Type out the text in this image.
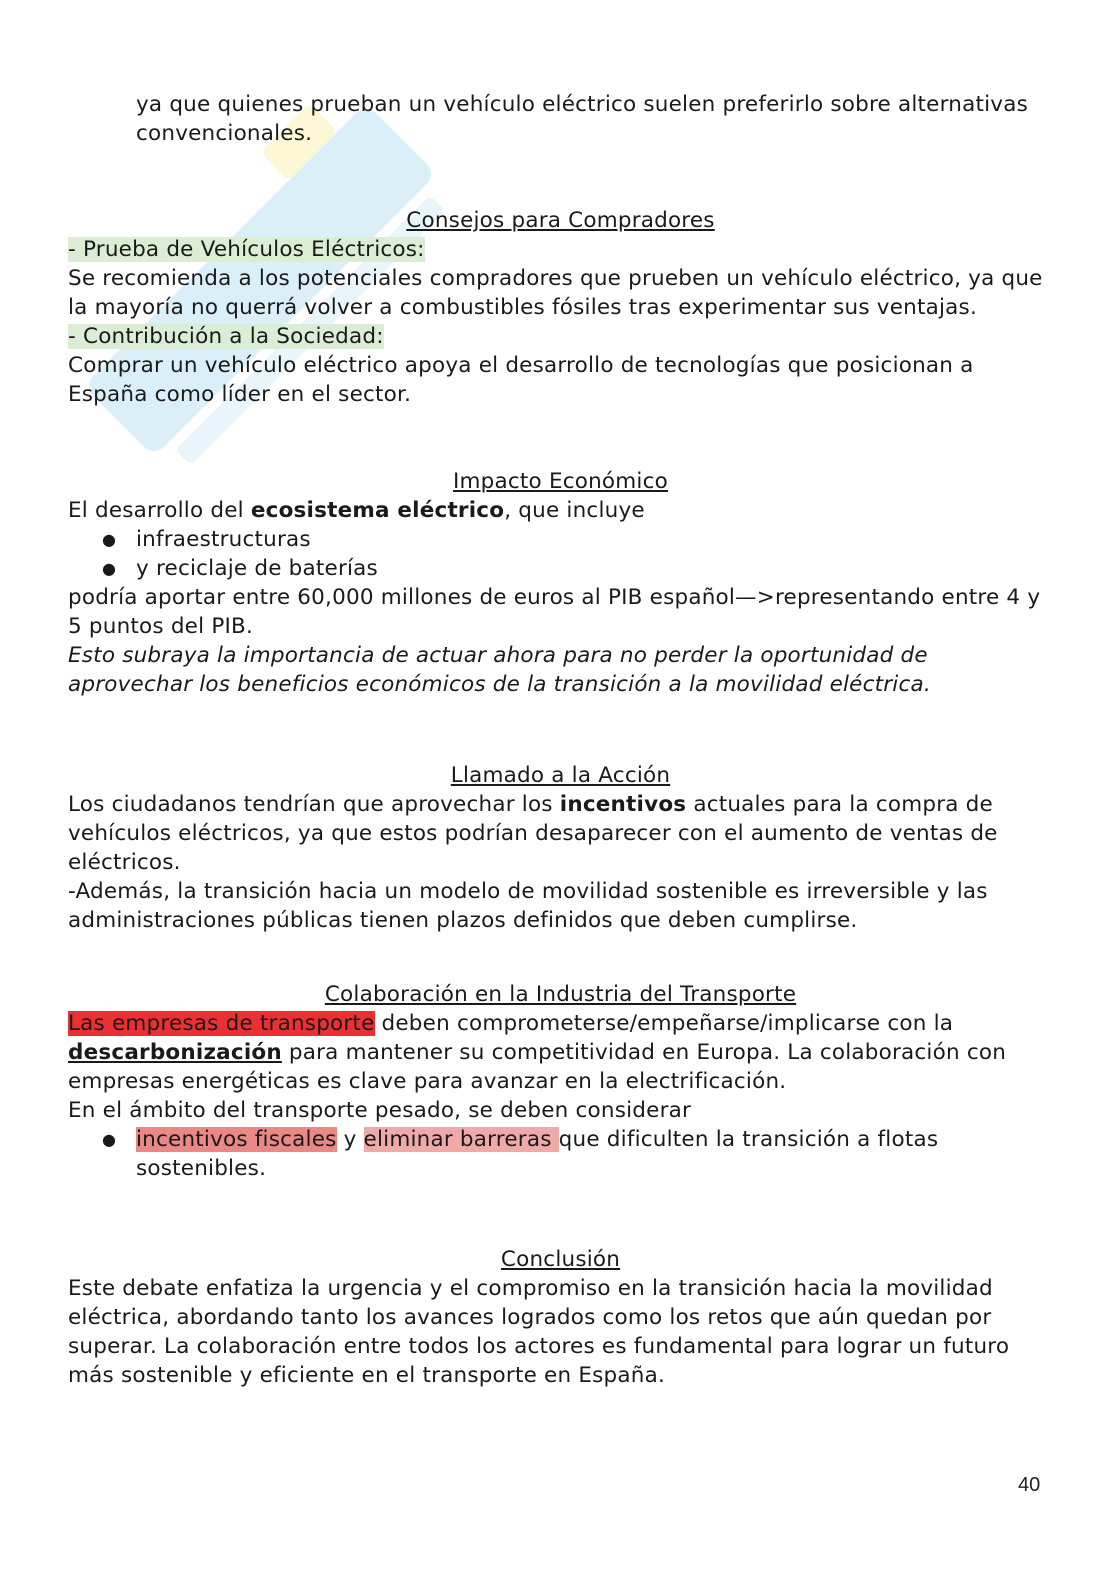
ya que quienes prueban un vehículo eléctrico suelen preferirlo sobre alternativas convencionales.

Consejos para Compradores

- Prueba de Vehículos Eléctricos:

Se recomienda a los potenciales compradores que prueben un vehículo eléctrico, ya que la mayoría no querrá volver a combustibles fósiles tras experimentar sus ventajas.

- Contribución a la Sociedad:

Comprar un vehículo eléctrico apoya el desarrollo de tecnologías que posicionan a España como líder en el sector.

Impacto Económico

El desarrollo del ecosistema eléctrico, que incluye

● infraestructuras
● y reciclaje de baterías

podría aportar entre 60,000 millones de euros al PIB español—>representando entre 4 y 5 puntos del PIB.

Esto subraya la importancia de actuar ahora para no perder la oportunidad de aprovechar los beneficios económicos de la transición a la movilidad eléctrica.

Llamado a la Acción

Los ciudadanos tendrían que aprovechar los incentivos actuales para la compra de vehículos eléctricos, ya que estos podrían desaparecer con el aumento de ventas de eléctricos.

-Además, la transición hacia un modelo de movilidad sostenible es irreversible y las administraciones públicas tienen plazos definidos que deben cumplirse.

Colaboración en la Industria del Transporte

Las empresas de transporte deben comprometerse/empeñarse/implicarse con la descarbonización para mantener su competitividad en Europa. La colaboración con empresas energéticas es clave para avanzar en la electrificación.

En el ámbito del transporte pesado, se deben considerar

● incentivos fiscales y eliminar barreras que dificulten la transición a flotas sostenibles.

Conclusión

Este debate enfatiza la urgencia y el compromiso en la transición hacia la movilidad eléctrica, abordando tanto los avances logrados como los retos que aún quedan por superar. La colaboración entre todos los actores es fundamental para lograr un futuro más sostenible y eficiente en el transporte en España.

40
